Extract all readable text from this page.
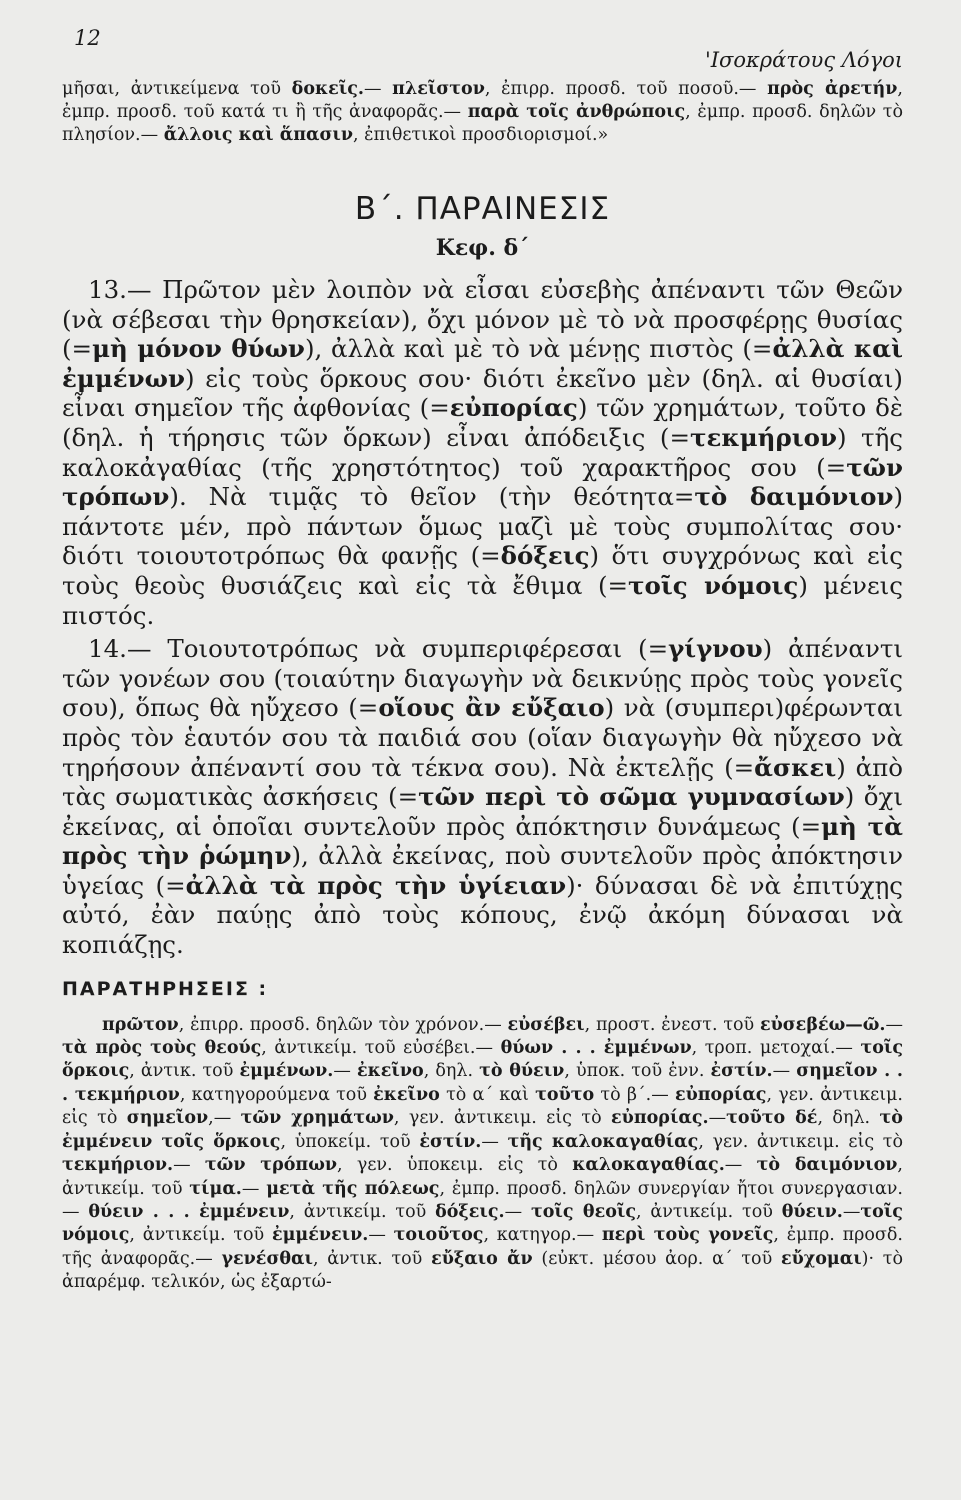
12
'Ισοκράτους Λόγοι

μῆσαι, ἀντικείμενα τοῦ δοκεῖς.— πλεῖστον, ἐπιρρ. προσδ. τοῦ ποσοῦ.— πρὸς ἀρετήν, ἐμπρ. προσδ. τοῦ κατά τι ἢ τῆς ἀναφορᾶς.— παρὰ τοῖς ἀνθρώποις, ἐμπρ. προσδ. δηλῶν τὸ πλησίον.— ἄλλοις καὶ ἅπασιν, ἐπιθετικοὶ προσδιορισμοί.»

Β΄. ΠΑΡΑΙΝΕΣΙΣ
Κεφ. δ΄

13.— Πρῶτον μὲν λοιπὸν νὰ εἶσαι εὐσεβὴς ἀπέναντι τῶν Θεῶν (νὰ σέβεσαι τὴν θρησκείαν), ὄχι μόνον μὲ τὸ νὰ προσφέρῃς θυσίας (=μὴ μόνον θύων), ἀλλὰ καὶ μὲ τὸ νὰ μένῃς πιστὸς (=ἀλλὰ καὶ ἐμμένων) εἰς τοὺς ὅρκους σου· διότι ἐκεῖνο μὲν (δηλ. αἱ θυσίαι) εἶναι σημεῖον τῆς ἀφθονίας (=εὐπορίας) τῶν χρημάτων, τοῦτο δὲ (δηλ. ἡ τήρησις τῶν ὅρκων) εἶναι ἀπόδειξις (=τεκμήριον) τῆς καλοκἀγαθίας (τῆς χρηστότητος) τοῦ χαρακτῆρος σου (=τῶν τρόπων). Νὰ τιμᾷς τὸ θεῖον (τὴν θεότητα=τὸ δαιμόνιον) πάντοτε μέν, πρὸ πάντων ὅμως μαζὶ μὲ τοὺς συμπολίτας σου· διότι τοιουτοτρόπως θὰ φανῇς (=δόξεις) ὅτι συγχρόνως καὶ εἰς τοὺς θεοὺς θυσιάζεις καὶ εἰς τὰ ἔθιμα (=τοῖς νόμοις) μένεις πιστός.

14.— Τοιουτοτρόπως νὰ συμπεριφέρεσαι (=γίγνου) ἀπέναντι τῶν γονέων σου (τοιαύτην διαγωγὴν νὰ δεικνύῃς πρὸς τοὺς γονεῖς σου), ὅπως θὰ ηὔχεσο (=οἵους ἂν εὔξαιο) νὰ (συμπερι)φέρωνται πρὸς τὸν ἑαυτόν σου τὰ παιδιά σου (οἵαν διαγωγὴν θὰ ηὔχεσο νὰ τηρήσουν ἀπέναντί σου τὰ τέκνα σου). Νὰ ἐκτελῇς (=ἄσκει) ἀπὸ τὰς σωματικὰς ἀσκήσεις (=τῶν περὶ τὸ σῶμα γυμνασίων) ὄχι ἐκείνας, αἱ ὁποῖαι συντελοῦν πρὸς ἀπόκτησιν δυνάμεως (=μὴ τὰ πρὸς τὴν ῥώμην), ἀλλὰ ἐκείνας, ποὺ συντελοῦν πρὸς ἀπόκτησιν ὑγείας (=ἀλλὰ τὰ πρὸς τὴν ὑγίειαν)· δύνασαι δὲ νὰ ἐπιτύχῃς αὐτό, ἐὰν παύῃς ἀπὸ τοὺς κόπους, ἐνῷ ἀκόμη δύνασαι νὰ κοπιάζῃς.

ΠΑΡΑΤΗΡΗΣΕΙΣ :

πρῶτον, ἐπιρρ. προσδ. δηλῶν τὸν χρόνον.— εὐσέβει, προστ. ἐνεστ. τοῦ εὐσεβέω—ῶ.— τὰ πρὸς τοὺς θεούς, ἀντικείμ. τοῦ εὐσέβει.— θύων . . . ἐμμένων, τροπ. μετοχαί.— τοῖς ὅρκοις, ἀντικ. τοῦ ἐμμένων.— ἐκεῖνο, δηλ. τὸ θύειν, ὑποκ. τοῦ ἐνν. ἐστίν.— σημεῖον . . . τεκμήριον, κατηγορούμενα τοῦ ἐκεῖνο τὸ α΄ καὶ τοῦτο τὸ β΄.— εὐπορίας, γεν. ἀντικειμ. εἰς τὸ σημεῖον,— τῶν χρημάτων, γεν. ἀντικειμ. εἰς τὸ εὐπορίας.—τοῦτο δέ, δηλ. τὸ ἐμμένειν τοῖς ὅρκοις, ὑποκείμ. τοῦ ἐστίν.— τῆς καλοκαγαθίας, γεν. ἀντικειμ. εἰς τὸ τεκμήριον.— τῶν τρόπων, γεν. ὑποκειμ. εἰς τὸ καλοκαγαθίας.— τὸ δαιμόνιον, ἀντικείμ. τοῦ τίμα.— μετὰ τῆς πόλεως, ἐμπρ. προσδ. δηλῶν συνεργίαν ἤτοι συνεργασιαν.— θύειν . . . ἐμμένειν, ἀντικείμ. τοῦ δόξεις.— τοῖς θεοῖς, ἀντικείμ. τοῦ θύειν.—τοῖς νόμοις, ἀντικείμ. τοῦ ἐμμένειν.— τοιοῦτος, κατηγορ.— περὶ τοὺς γονεῖς, ἐμπρ. προσδ. τῆς ἀναφορᾶς.— γενέσθαι, ἀντικ. τοῦ εὔξαιο ἄν (εὐκτ. μέσου ἀορ. α΄ τοῦ εὔχομαι)· τὸ ἀπαρέμφ. τελικόν, ὡς ἐξαρτώ-
